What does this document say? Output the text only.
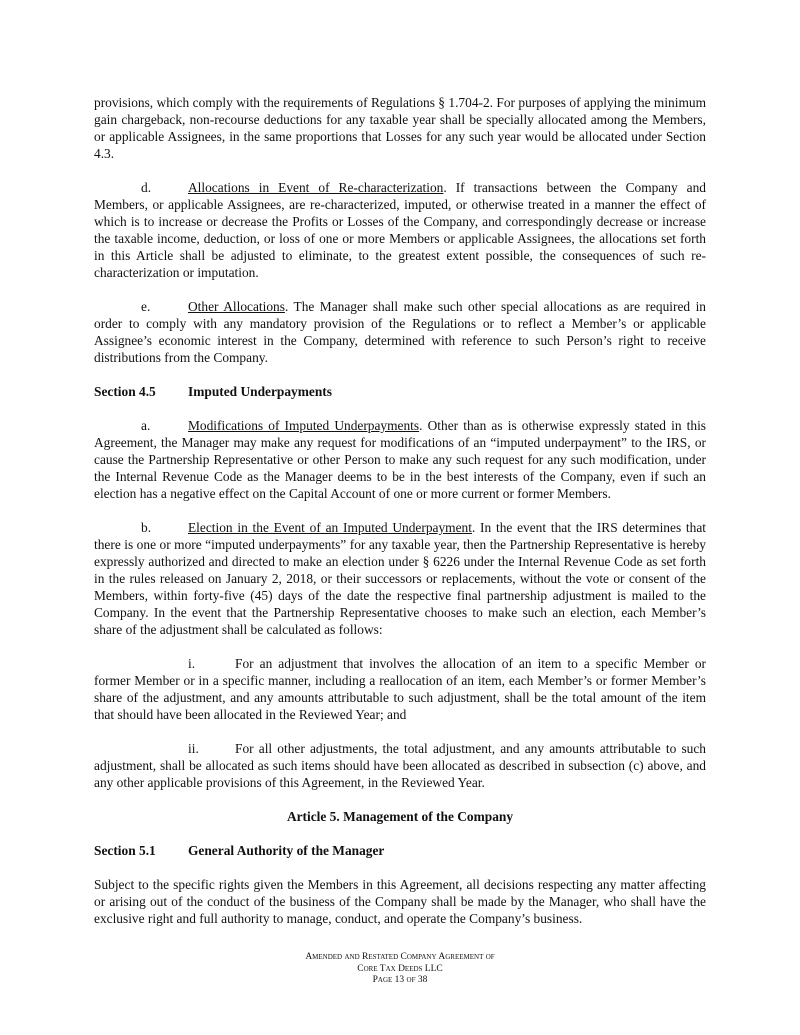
provisions, which comply with the requirements of Regulations § 1.704-2. For purposes of applying the minimum gain chargeback, non-recourse deductions for any taxable year shall be specially allocated among the Members, or applicable Assignees, in the same proportions that Losses for any such year would be allocated under Section 4.3.

d.	Allocations in Event of Re-characterization. If transactions between the Company and Members, or applicable Assignees, are re-characterized, imputed, or otherwise treated in a manner the effect of which is to increase or decrease the Profits or Losses of the Company, and correspondingly decrease or increase the taxable income, deduction, or loss of one or more Members or applicable Assignees, the allocations set forth in this Article shall be adjusted to eliminate, to the greatest extent possible, the consequences of such re-characterization or imputation.

e.	Other Allocations. The Manager shall make such other special allocations as are required in order to comply with any mandatory provision of the Regulations or to reflect a Member’s or applicable Assignee’s economic interest in the Company, determined with reference to such Person’s right to receive distributions from the Company.

Section 4.5 Imputed Underpayments

a.	Modifications of Imputed Underpayments. Other than as is otherwise expressly stated in this Agreement, the Manager may make any request for modifications of an “imputed underpayment” to the IRS, or cause the Partnership Representative or other Person to make any such request for any such modification, under the Internal Revenue Code as the Manager deems to be in the best interests of the Company, even if such an election has a negative effect on the Capital Account of one or more current or former Members.

b.	Election in the Event of an Imputed Underpayment. In the event that the IRS determines that there is one or more “imputed underpayments” for any taxable year, then the Partnership Representative is hereby expressly authorized and directed to make an election under § 6226 under the Internal Revenue Code as set forth in the rules released on January 2, 2018, or their successors or replacements, without the vote or consent of the Members, within forty-five (45) days of the date the respective final partnership adjustment is mailed to the Company. In the event that the Partnership Representative chooses to make such an election, each Member’s share of the adjustment shall be calculated as follows:

i.	For an adjustment that involves the allocation of an item to a specific Member or former Member or in a specific manner, including a reallocation of an item, each Member’s or former Member’s share of the adjustment, and any amounts attributable to such adjustment, shall be the total amount of the item that should have been allocated in the Reviewed Year; and

ii.	For all other adjustments, the total adjustment, and any amounts attributable to such adjustment, shall be allocated as such items should have been allocated as described in subsection (c) above, and any other applicable provisions of this Agreement, in the Reviewed Year.

Article 5. Management of the Company
Section 5.1 General Authority of the Manager

Subject to the specific rights given the Members in this Agreement, all decisions respecting any matter affecting or arising out of the conduct of the business of the Company shall be made by the Manager, who shall have the exclusive right and full authority to manage, conduct, and operate the Company’s business.

Amended and Restated Company Agreement of
Core Tax Deeds LLC
Page 13 of 38
